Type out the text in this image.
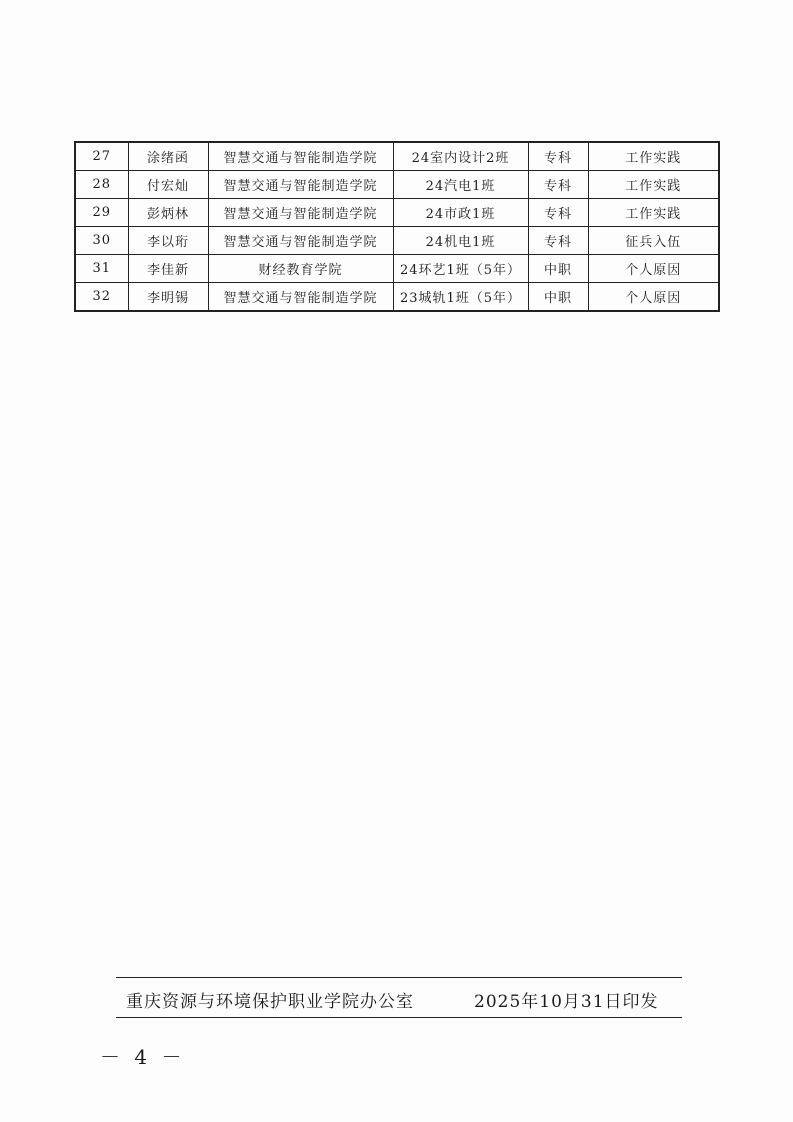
27	涂绪函	智慧交通与智能制造学院	24室内设计2班	专科	工作实践
28	付宏灿	智慧交通与智能制造学院	24汽电1班	专科	工作实践
29	彭炳林	智慧交通与智能制造学院	24市政1班	专科	工作实践
30	李以珩	智慧交通与智能制造学院	24机电1班	专科	征兵入伍
31	李佳新	财经教育学院	24环艺1班（5年）	中职	个人原因
32	李明锡	智慧交通与智能制造学院	23城轨1班（5年）	中职	个人原因
重庆资源与环境保护职业学院办公室	2025年10月31日印发
－ 4 －
